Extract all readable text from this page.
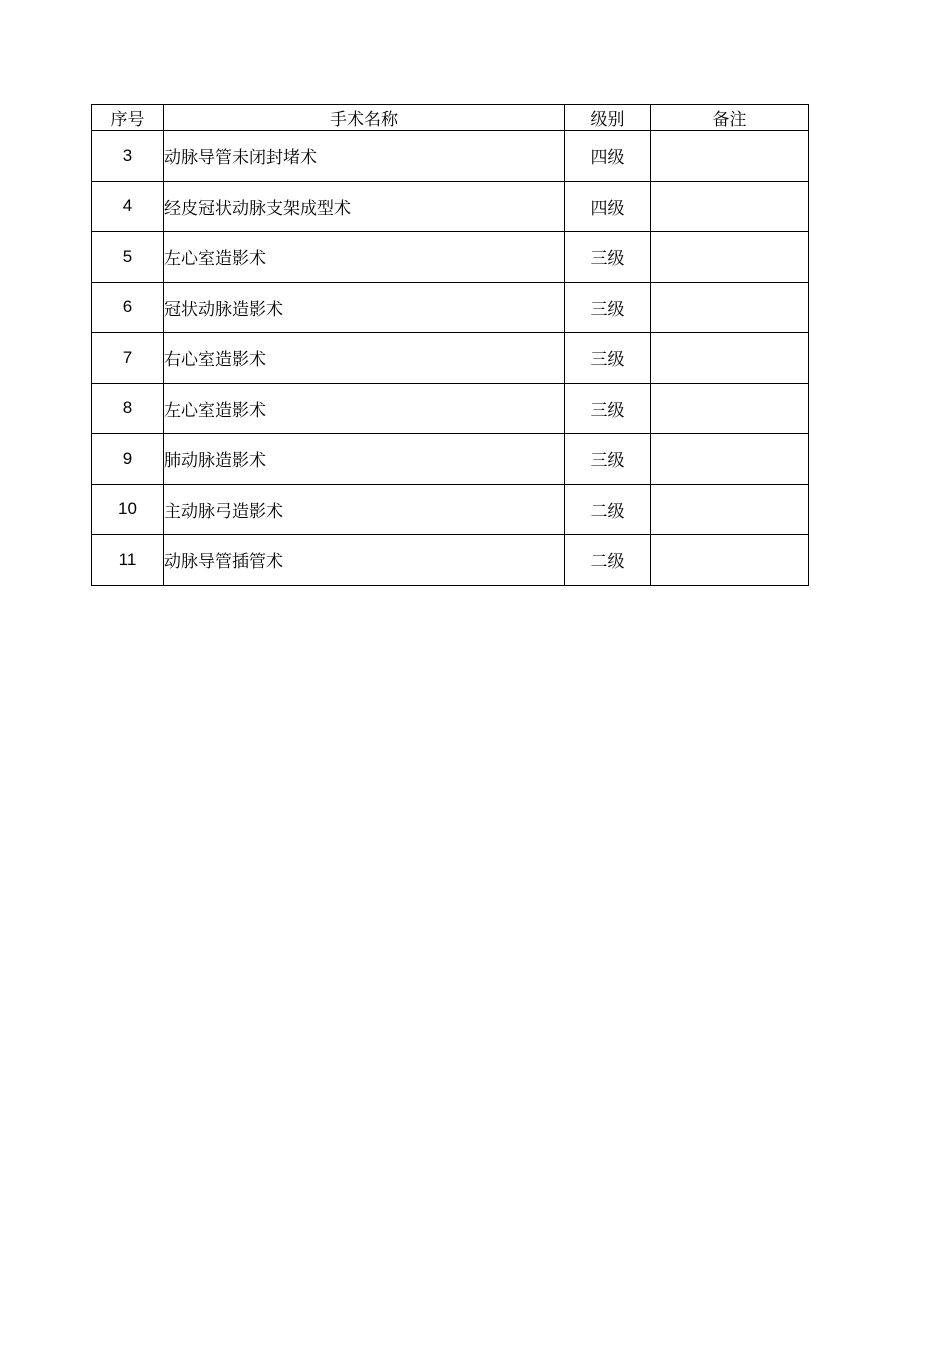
序号	手术名称	级别	备注
3	动脉导管未闭封堵术	四级	
4	经皮冠状动脉支架成型术	四级	
5	左心室造影术	三级	
6	冠状动脉造影术	三级	
7	右心室造影术	三级	
8	左心室造影术	三级	
9	肺动脉造影术	三级	
10	主动脉弓造影术	二级	
11	动脉导管插管术	二级	
